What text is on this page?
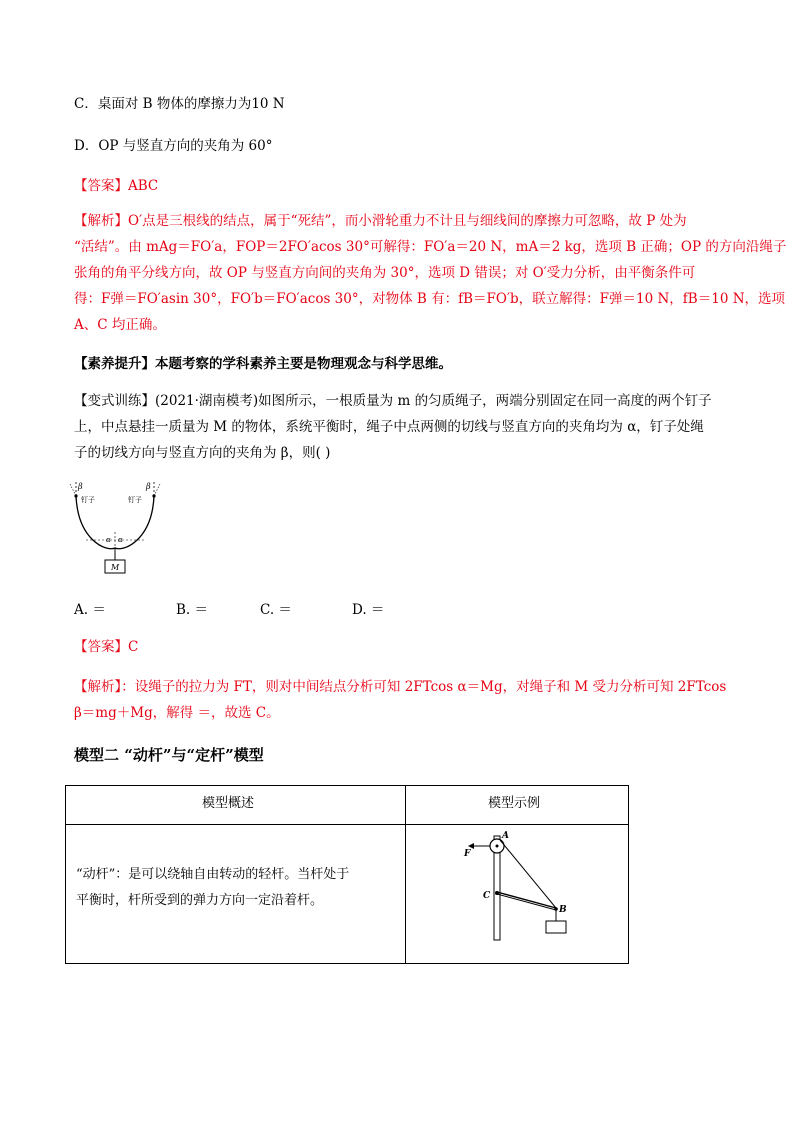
C．桌面对 B 物体的摩擦力为10 N
D．OP 与竖直方向的夹角为 60°
【答案】ABC
【解析】O′点是三根线的结点，属于“死结”，而小滑轮重力不计且与细线间的摩擦力可忽略，故 P 处为
“活结”。由 mAg＝FO′a，FOP＝2FO′acos 30°可解得：FO′a＝20 N，mA＝2 kg，选项 B 正确；OP 的方向沿绳子
张角的角平分线方向，故 OP 与竖直方向间的夹角为 30°，选项 D 错误；对 O′受力分析，由平衡条件可
得：F弹＝FO′asin 30°，FO′b＝FO′acos 30°，对物体 B 有：fB＝FO′b，联立解得：F弹＝10 N，fB＝10 N，选项
A、C 均正确。
【素养提升】本题考察的学科素养主要是物理观念与科学思维。
【变式训练】(2021·湖南模考)如图所示，一根质量为 m 的匀质绳子，两端分别固定在同一高度的两个钉子
上，中点悬挂一质量为 M 的物体，系统平衡时，绳子中点两侧的切线与竖直方向的夹角均为 α，钉子处绳
子的切线方向与竖直方向的夹角为 β，则( )
β	β
钉子	钉子
α α
M
A. ＝	B. ＝	C. ＝	D. ＝
【答案】C
【解析】：设绳子的拉力为 FT，则对中间结点分析可知 2FTcos α＝Mg，对绳子和 M 受力分析可知 2FTcos
β＝mg＋Mg，解得 ＝，故选 C。
模型二 “动杆”与“定杆”模型
模型概述	模型示例
“动杆”：是可以绕轴自由转动的轻杆。当杆处于
平衡时，杆所受到的弹力方向一定沿着杆。
A
F
C
B
